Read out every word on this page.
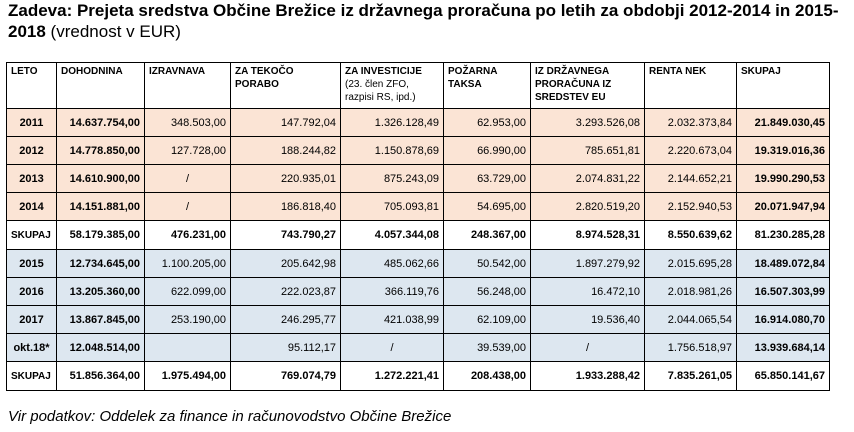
Zadeva: Prejeta sredstva Občine Brežice iz državnega proračuna po letih za obdobji 2012-2014 in 2015-2018 (vrednost v EUR)
LETO	DOHODNINA	IZRAVNAVA	ZA TEKOČO PORABO	ZA INVESTICIJE (23. člen ZFO, razpisi RS, ipd.)	POŽARNA TAKSA	IZ DRŽAVNEGA PRORAČUNA IZ SREDSTEV EU	RENTA NEK	SKUPAJ
2011	14.637.754,00	348.503,00	147.792,04	1.326.128,49	62.953,00	3.293.526,08	2.032.373,84	21.849.030,45
2012	14.778.850,00	127.728,00	188.244,82	1.150.878,69	66.990,00	785.651,81	2.220.673,04	19.319.016,36
2013	14.610.900,00	/	220.935,01	875.243,09	63.729,00	2.074.831,22	2.144.652,21	19.990.290,53
2014	14.151.881,00	/	186.818,40	705.093,81	54.695,00	2.820.519,20	2.152.940,53	20.071.947,94
SKUPAJ	58.179.385,00	476.231,00	743.790,27	4.057.344,08	248.367,00	8.974.528,31	8.550.639,62	81.230.285,28
2015	12.734.645,00	1.100.205,00	205.642,98	485.062,66	50.542,00	1.897.279,92	2.015.695,28	18.489.072,84
2016	13.205.360,00	622.099,00	222.023,87	366.119,76	56.248,00	16.472,10	2.018.981,26	16.507.303,99
2017	13.867.845,00	253.190,00	246.295,77	421.038,99	62.109,00	19.536,40	2.044.065,54	16.914.080,70
okt.18*	12.048.514,00		95.112,17	/	39.539,00	/	1.756.518,97	13.939.684,14
SKUPAJ	51.856.364,00	1.975.494,00	769.074,79	1.272.221,41	208.438,00	1.933.288,42	7.835.261,05	65.850.141,67
Vir podatkov: Oddelek za finance in računovodstvo Občine Brežice
